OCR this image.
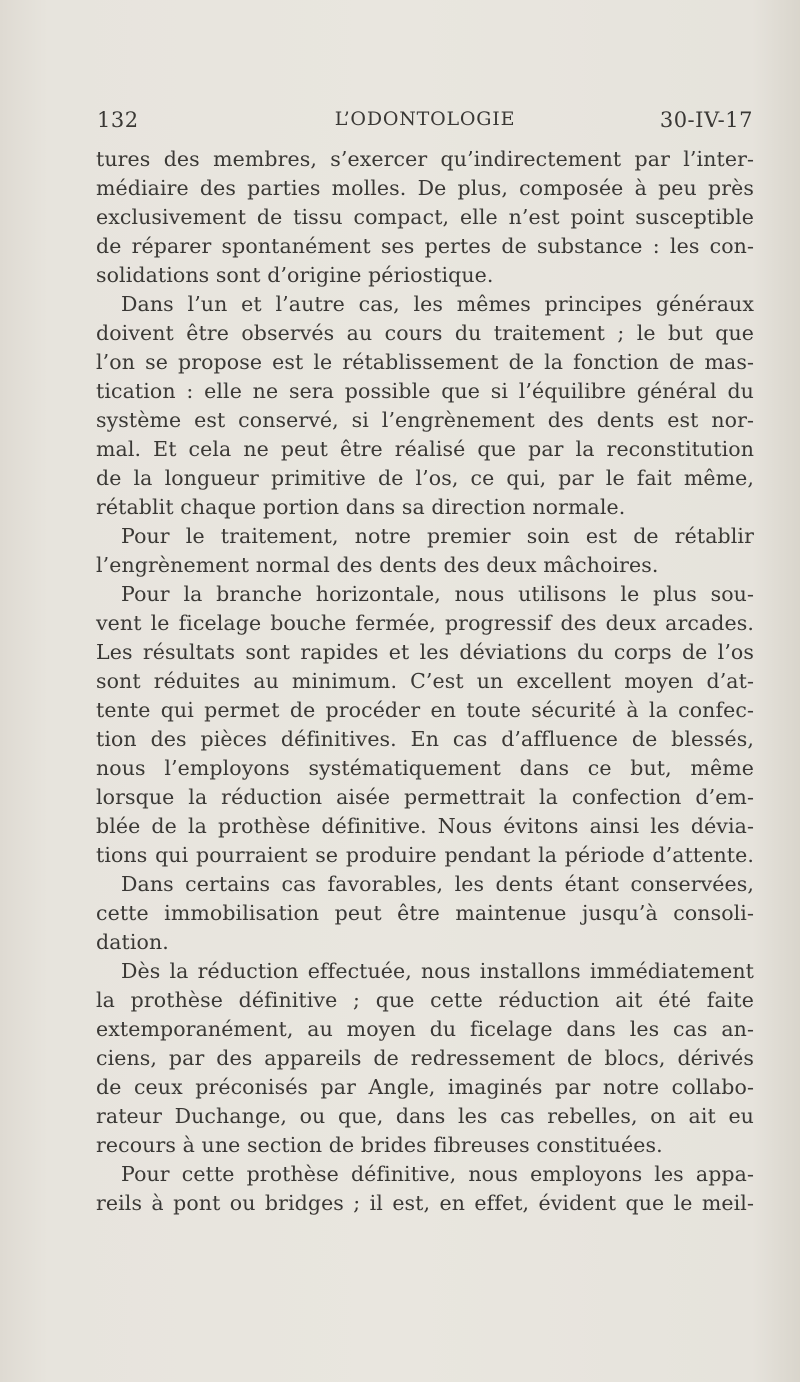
132	L’ODONTOLOGIE	30-IV-17
tures des membres, s’exercer qu’indirectement par l’inter-
médiaire des parties molles. De plus, composée à peu près
exclusivement de tissu compact, elle n’est point susceptible
de réparer spontanément ses pertes de substance : les con-
solidations sont d’origine périostique.
Dans l’un et l’autre cas, les mêmes principes généraux
doivent être observés au cours du traitement ; le but que
l’on se propose est le rétablissement de la fonction de mas-
tication : elle ne sera possible que si l’équilibre général du
système est conservé, si l’engrènement des dents est nor-
mal. Et cela ne peut être réalisé que par la reconstitution
de la longueur primitive de l’os, ce qui, par le fait même,
rétablit chaque portion dans sa direction normale.
Pour le traitement, notre premier soin est de rétablir
l’engrènement normal des dents des deux mâchoires.
Pour la branche horizontale, nous utilisons le plus sou-
vent le ficelage bouche fermée, progressif des deux arcades.
Les résultats sont rapides et les déviations du corps de l’os
sont réduites au minimum. C’est un excellent moyen d’at-
tente qui permet de procéder en toute sécurité à la confec-
tion des pièces définitives. En cas d’affluence de blessés,
nous l’employons systématiquement dans ce but, même
lorsque la réduction aisée permettrait la confection d’em-
blée de la prothèse définitive. Nous évitons ainsi les dévia-
tions qui pourraient se produire pendant la période d’attente.
Dans certains cas favorables, les dents étant conservées,
cette immobilisation peut être maintenue jusqu’à consoli-
dation.
Dès la réduction effectuée, nous installons immédiatement
la prothèse définitive ; que cette réduction ait été faite
extemporanément, au moyen du ficelage dans les cas an-
ciens, par des appareils de redressement de blocs, dérivés
de ceux préconisés par Angle, imaginés par notre collabo-
rateur Duchange, ou que, dans les cas rebelles, on ait eu
recours à une section de brides fibreuses constituées.
Pour cette prothèse définitive, nous employons les appa-
reils à pont ou bridges ; il est, en effet, évident que le meil-
